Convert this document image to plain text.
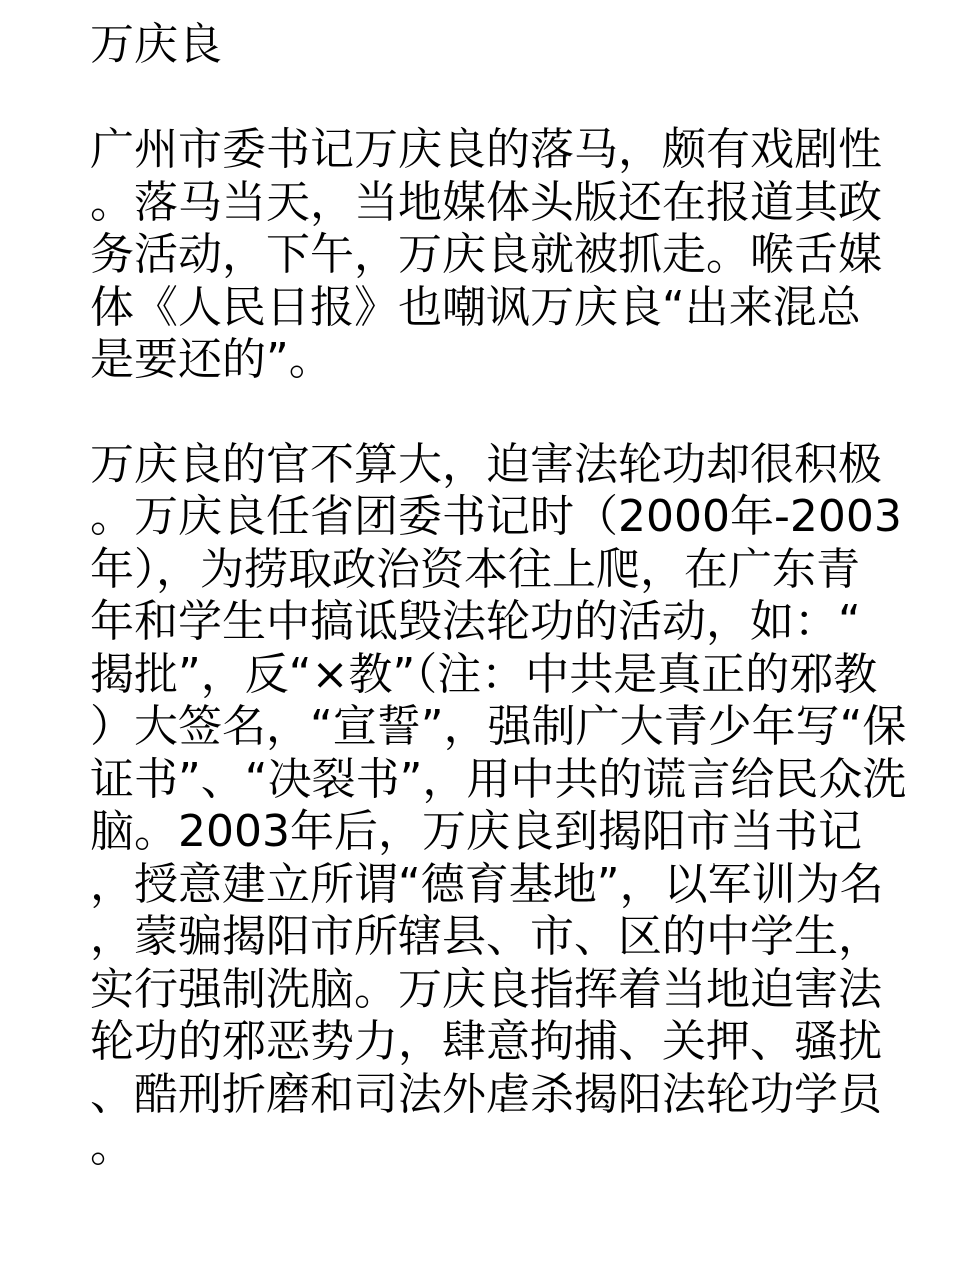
万庆良

广州市委书记万庆良的落马，颇有戏剧性
。落马当天，当地媒体头版还在报道其政
务活动，下午，万庆良就被抓走。喉舌媒
体《人民日报》也嘲讽万庆良“出来混总
是要还的”。

万庆良的官不算大，迫害法轮功却很积极
。万庆良任省团委书记时（2000年-2003
年），为捞取政治资本往上爬，在广东青
年和学生中搞诋毁法轮功的活动，如：“
揭批”，反“×教”（注：中共是真正的邪教
）大签名，“宣誓”，强制广大青少年写“保
证书”、“决裂书”，用中共的谎言给民众洗
脑。2003年后，万庆良到揭阳市当书记
，授意建立所谓“德育基地”，以军训为名
，蒙骗揭阳市所辖县、市、区的中学生，
实行强制洗脑。万庆良指挥着当地迫害法
轮功的邪恶势力，肆意拘捕、关押、骚扰
、酷刑折磨和司法外虐杀揭阳法轮功学员
。
